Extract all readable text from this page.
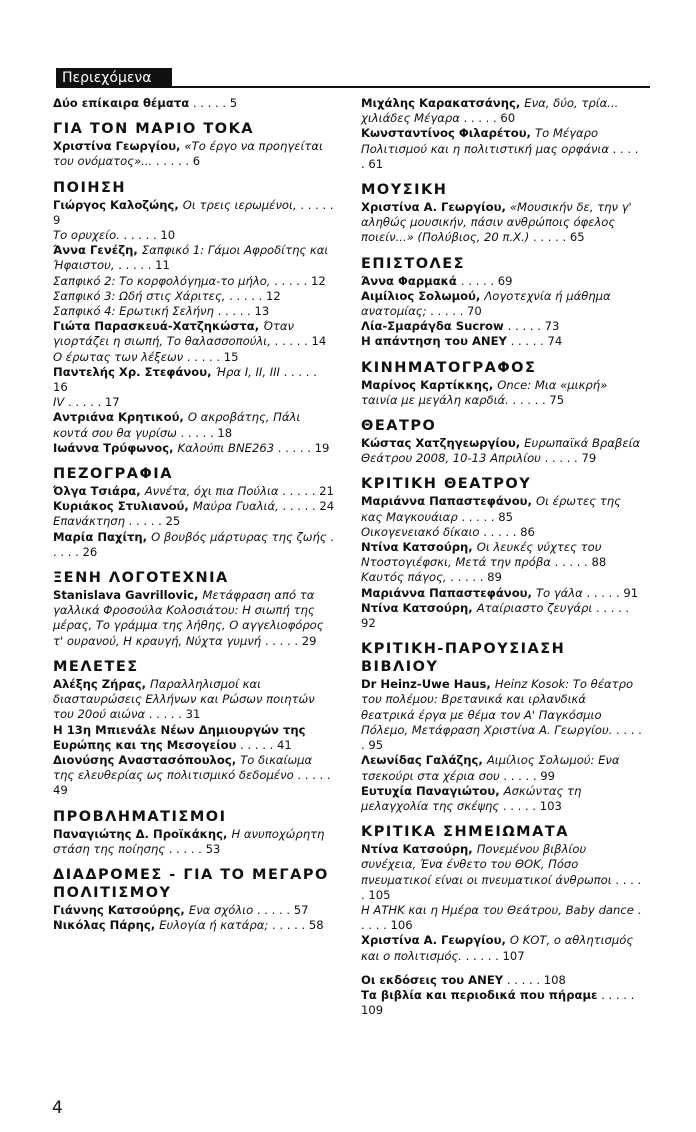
Περιεχόμενα
Δύο επίκαιρα θέματα . . . . . 5
ΓΙΑ ΤΟΝ ΜΑΡΙΟ ΤΟΚΑ
Χριστίνα Γεωργίου, «Το έργο να προηγείται του ονόματος»... . . . . . 6
ΠΟΙΗΣΗ
Γιώργος Καλοζώης, Οι τρεις ιερωμένοι, . . . . . 9
Το ορυχείο. . . . . . 10
Άννα Γενέζη, Σαπφικό 1: Γάμοι Αφροδίτης και Ήφαιστου, . . . . . 11
Σαπφικό 2: Το κορφολόγημα-το μήλο, . . . . . 12
Σαπφικό 3: Ωδή στις Χάριτες, . . . . . 12
Σαπφικό 4: Ερωτική Σελήνη . . . . . 13
Γιώτα Παρασκευά-Χατζηκώστα, Όταν γιορτάζει η σιωπή, Το θαλασσοπούλι, . . . . . 14
Ο έρωτας των λέξεων . . . . . 15
Παντελής Χρ. Στεφάνου, Ήρα I, II, III . . . . . 16
IV . . . . . 17
Αντριάνα Κρητικού, Ο ακροβάτης, Πάλι κοντά σου θα γυρίσω . . . . . 18
Ιωάννα Τρύφωνος, Καλούπι ΒΝΕ263 . . . . . 19
ΠΕΖΟΓΡΑΦΙΑ
Όλγα Τσιάρα, Αννέτα, όχι πια Πούλια . . . . . 21
Κυριάκος Στυλιανού, Μαύρα Γυαλιά, . . . . . 24
Επανάκτηση . . . . . 25
Μαρία Παχίτη, Ο βουβός μάρτυρας της ζωής . . . . . 26
ΞΕΝΗ ΛΟΓΟΤΕΧΝΙΑ
Stanislava Gavrillovic, Μετάφραση από τα γαλλικά Φροσούλα Κολοσιάτου: Η σιωπή της μέρας, Το γράμμα της λήθης, Ο αγγελιοφόρος τ' ουρανού, Η κραυγή, Νύχτα γυμνή . . . . . 29
ΜΕΛΕΤΕΣ
Αλέξης Ζήρας, Παραλληλισμοί και διασταυρώσεις Ελλήνων και Ρώσων ποιητών του 20ού αιώνα . . . . . 31
Η 13η Μπιενάλε Νέων Δημιουργών της Ευρώπης και της Μεσογείου . . . . . 41
Διονύσης Αναστασόπουλος, Το δικαίωμα της ελευθερίας ως πολιτισμικό δεδομένο . . . . . 49
ΠΡΟΒΛΗΜΑΤΙΣΜΟΙ
Παναγιώτης Δ. Προϊκάκης, Η ανυποχώρητη στάση της ποίησης . . . . . 53
ΔΙΑΔΡΟΜΕΣ - ΓΙΑ ΤΟ ΜΕΓΑΡΟ ΠΟΛΙΤΙΣΜΟΥ
Γιάννης Κατσούρης, Ενα σχόλιο . . . . . 57
Νικόλας Πάρης, Ευλογία ή κατάρα; . . . . . 58
Μιχάλης Καρακατσάνης, Ενα, δύο, τρία... χιλιάδες Μέγαρα . . . . . 60
Κωνσταντίνος Φιλαρέτου, Το Μέγαρο Πολιτισμού και η πολιτιστική μας ορφάνια . . . . . 61
ΜΟΥΣΙΚΗ
Χριστίνα Α. Γεωργίου, «Μουσικήν δε, την γ' αληθώς μουσικήν, πάσιν ανθρώποις όφελος ποιείν...» (Πολύβιος, 20 π.Χ.) . . . . . 65
ΕΠΙΣΤΟΛΕΣ
Άννα Φαρμακά . . . . . 69
Αιμίλιος Σολωμού, Λογοτεχνία ή μάθημα ανατομίας; . . . . . 70
Λία-Σμαράγδα Sucrow . . . . . 73
Η απάντηση του ΑΝΕΥ . . . . . 74
ΚΙΝΗΜΑΤΟΓΡΑΦΟΣ
Μαρίνος Καρτίκκης, Once: Μια «μικρή» ταινία με μεγάλη καρδιά. . . . . . 75
ΘΕΑΤΡΟ
Κώστας Χατζηγεωργίου, Ευρωπαϊκά Βραβεία Θεάτρου 2008, 10-13 Απριλίου . . . . . 79
ΚΡΙΤΙΚΗ ΘΕΑΤΡΟΥ
Μαριάννα Παπαστεφάνου, Οι έρωτες της κας Μαγκουάιαρ . . . . . 85
Οικογενειακό δίκαιο . . . . . 86
Ντίνα Κατσούρη, Οι λευκές νύχτες του Ντοστογιέφσκι, Μετά την πρόβα . . . . . 88
Καυτός πάγος, . . . . . 89
Μαριάννα Παπαστεφάνου, Το γάλα . . . . . 91
Ντίνα Κατσούρη, Αταίριαστο ζευγάρι . . . . . 92
ΚΡΙΤΙΚΗ-ΠΑΡΟΥΣΙΑΣΗ ΒΙΒΛΙΟΥ
Dr Heinz-Uwe Haus, Heinz Kosok: Το θέατρο του πολέμου: Βρετανικά και ιρλανδικά θεατρικά έργα με θέμα τον Α' Παγκόσμιο Πόλεμο, Μετάφραση Χριστίνα Α. Γεωργίου. . . . . . 95
Λεωνίδας Γαλάζης, Αιμίλιος Σολωμού: Ενα τσεκούρι στα χέρια σου . . . . . 99
Ευτυχία Παναγιώτου, Ασκώντας τη μελαγχολία της σκέψης . . . . . 103
ΚΡΙΤΙΚΑ ΣΗΜΕΙΩΜΑΤΑ
Ντίνα Κατσούρη, Πονεμένου βιβλίου συνέχεια, Ένα ένθετο του ΘΟΚ, Πόσο πνευματικοί είναι οι πνευματικοί άνθρωποι . . . . . 105
Η ΑΤΗΚ και η Ημέρα του Θεάτρου, Baby dance . . . . . 106
Χριστίνα Α. Γεωργίου, Ο ΚΟΤ, ο αθλητισμός και ο πολιτισμός. . . . . . 107
Οι εκδόσεις του ΑΝΕΥ . . . . . 108
Τα βιβλία και περιοδικά που πήραμε . . . . . 109
4
